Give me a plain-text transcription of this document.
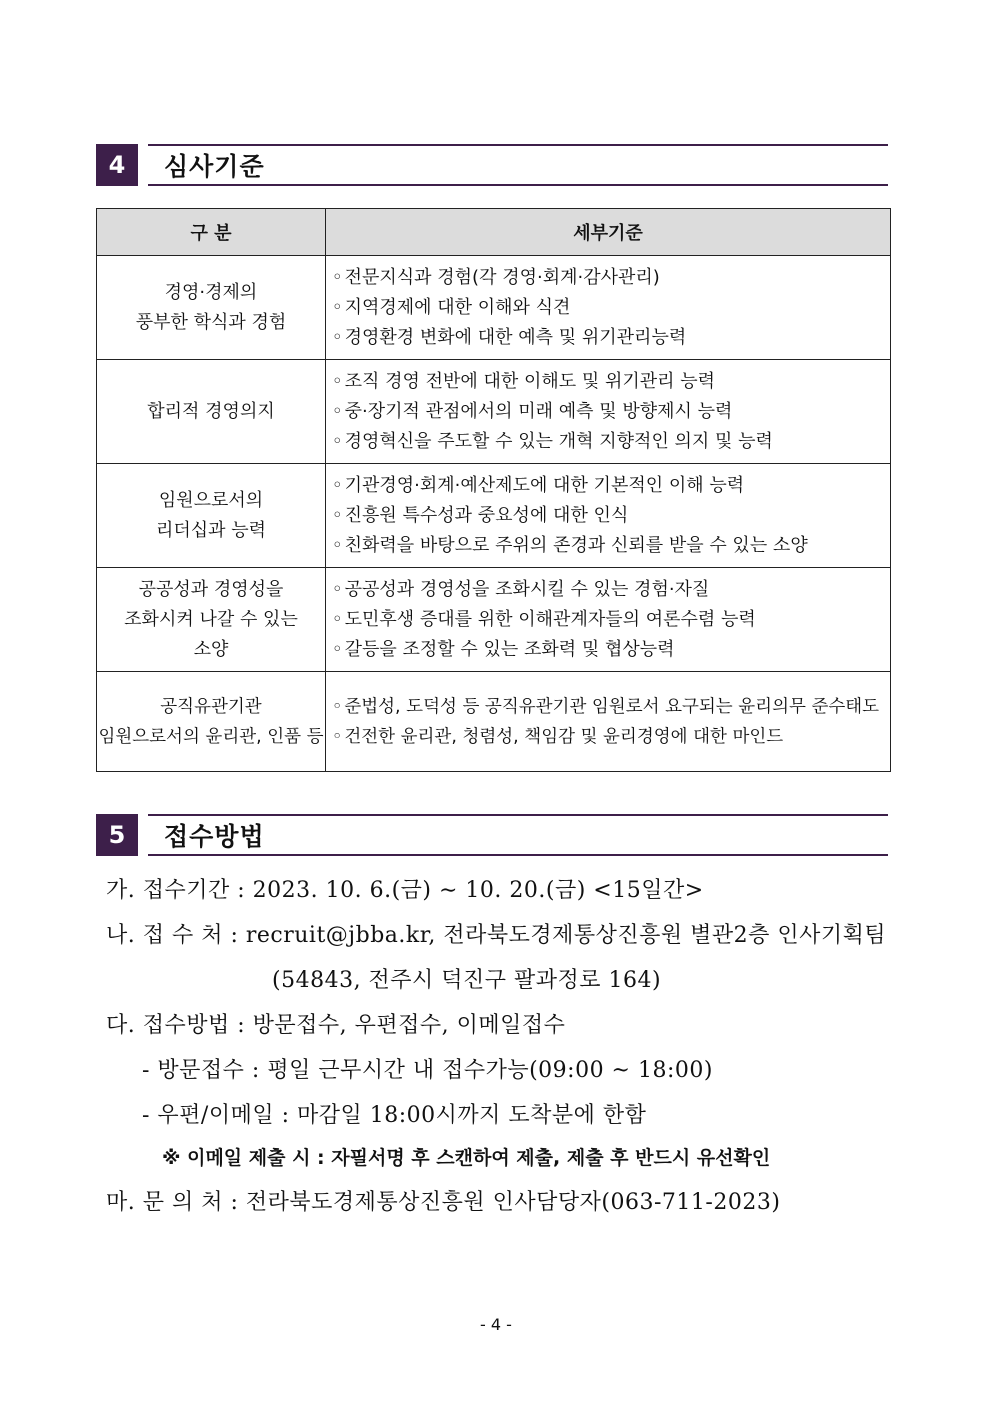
4	심사기준
구 분	세부기준

경영·경제의
풍부한 학식과 경험	◦ 전문지식과 경험(각 경영·회계·감사관리)
◦ 지역경제에 대한 이해와 식견
◦ 경영환경 변화에 대한 예측 및 위기관리능력

합리적 경영의지	◦ 조직 경영 전반에 대한 이해도 및 위기관리 능력
◦ 중·장기적 관점에서의 미래 예측 및 방향제시 능력
◦ 경영혁신을 주도할 수 있는 개혁 지향적인 의지 및 능력

임원으로서의
리더십과 능력	◦ 기관경영·회계·예산제도에 대한 기본적인 이해 능력
◦ 진흥원 특수성과 중요성에 대한 인식
◦ 친화력을 바탕으로 주위의 존경과 신뢰를 받을 수 있는 소양

공공성과 경영성을
조화시켜 나갈 수 있는
소양	◦ 공공성과 경영성을 조화시킬 수 있는 경험·자질
◦ 도민후생 증대를 위한 이해관계자들의 여론수렴 능력
◦ 갈등을 조정할 수 있는 조화력 및 협상능력

공직유관기관
임원으로서의 윤리관, 인품 등	◦ 준법성, 도덕성 등 공직유관기관 임원로서 요구되는 윤리의무 준수태도
◦ 건전한 윤리관, 청렴성, 책임감 및 윤리경영에 대한 마인드
5	접수방법
가. 접수기간 : 2023. 10. 6.(금) ∼ 10. 20.(금) <15일간>
나. 접 수 처 : recruit@jbba.kr, 전라북도경제통상진흥원 별관2층 인사기획팀
(54843, 전주시 덕진구 팔과정로 164)
다. 접수방법 : 방문접수, 우편접수, 이메일접수
- 방문접수 : 평일 근무시간 내 접수가능(09:00 ~ 18:00)
- 우편/이메일 : 마감일 18:00시까지 도착분에 한함
※ 이메일 제출 시 : 자필서명 후 스캔하여 제출, 제출 후 반드시 유선확인
마. 문 의 처 : 전라북도경제통상진흥원 인사담당자(063-711-2023)
- 4 -
